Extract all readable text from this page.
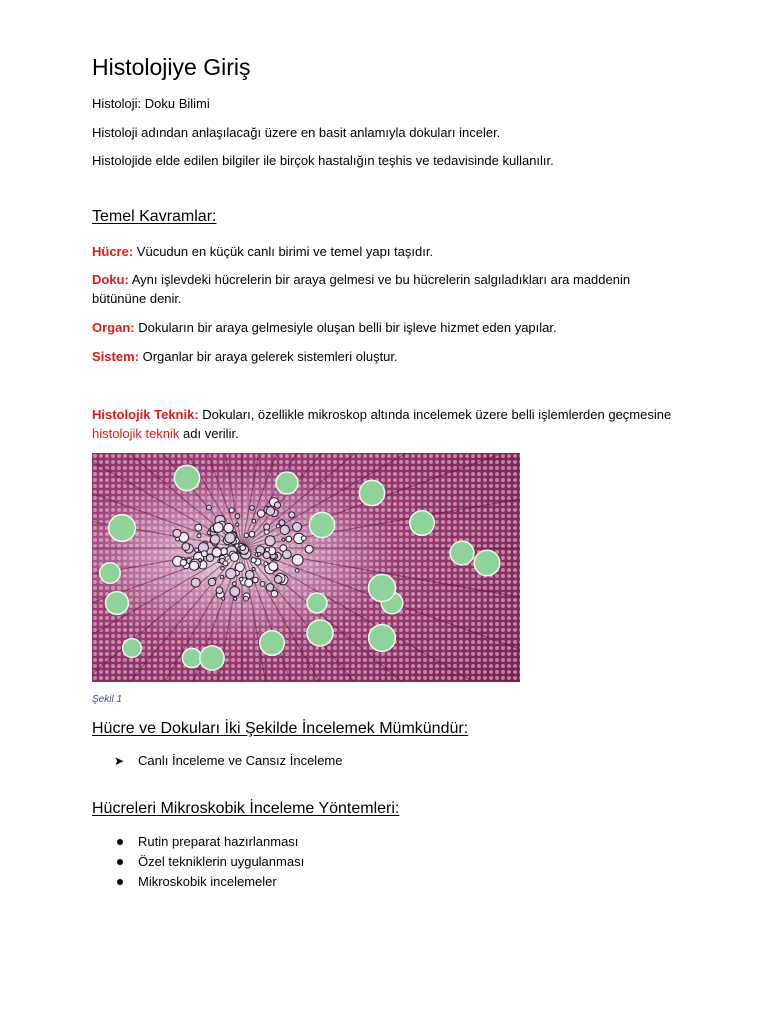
Histolojiye Giriş

Histoloji: Doku Bilimi

Histoloji adından anlaşılacağı üzere en basit anlamıyla dokuları inceler.

Histolojide elde edilen bilgiler ile birçok hastalığın teşhis ve tedavisinde kullanılır.

Temel Kavramlar:

Hücre: Vücudun en küçük canlı birimi ve temel yapı taşıdır.

Doku: Aynı işlevdeki hücrelerin bir araya gelmesi ve bu hücrelerin salgıladıkları ara maddenin bütününe denir.

Organ: Dokuların bir araya gelmesiyle oluşan belli bir işleve hizmet eden yapılar.

Sistem: Organlar bir araya gelerek sistemleri oluştur.

Histolojik Teknik: Dokuları, özellikle mikroskop altında incelemek üzere belli işlemlerden geçmesine histolojik teknik adı verilir.

Şekil 1
Hücre ve Dokuları İki Şekilde İncelemek Mümkündür:
➤ Canlı İnceleme ve Cansız İnceleme
Hücreleri Mikroskobik İnceleme Yöntemleri:
Rutin preparat hazırlanması
Özel tekniklerin uygulanması
Mikroskobik incelemeler
